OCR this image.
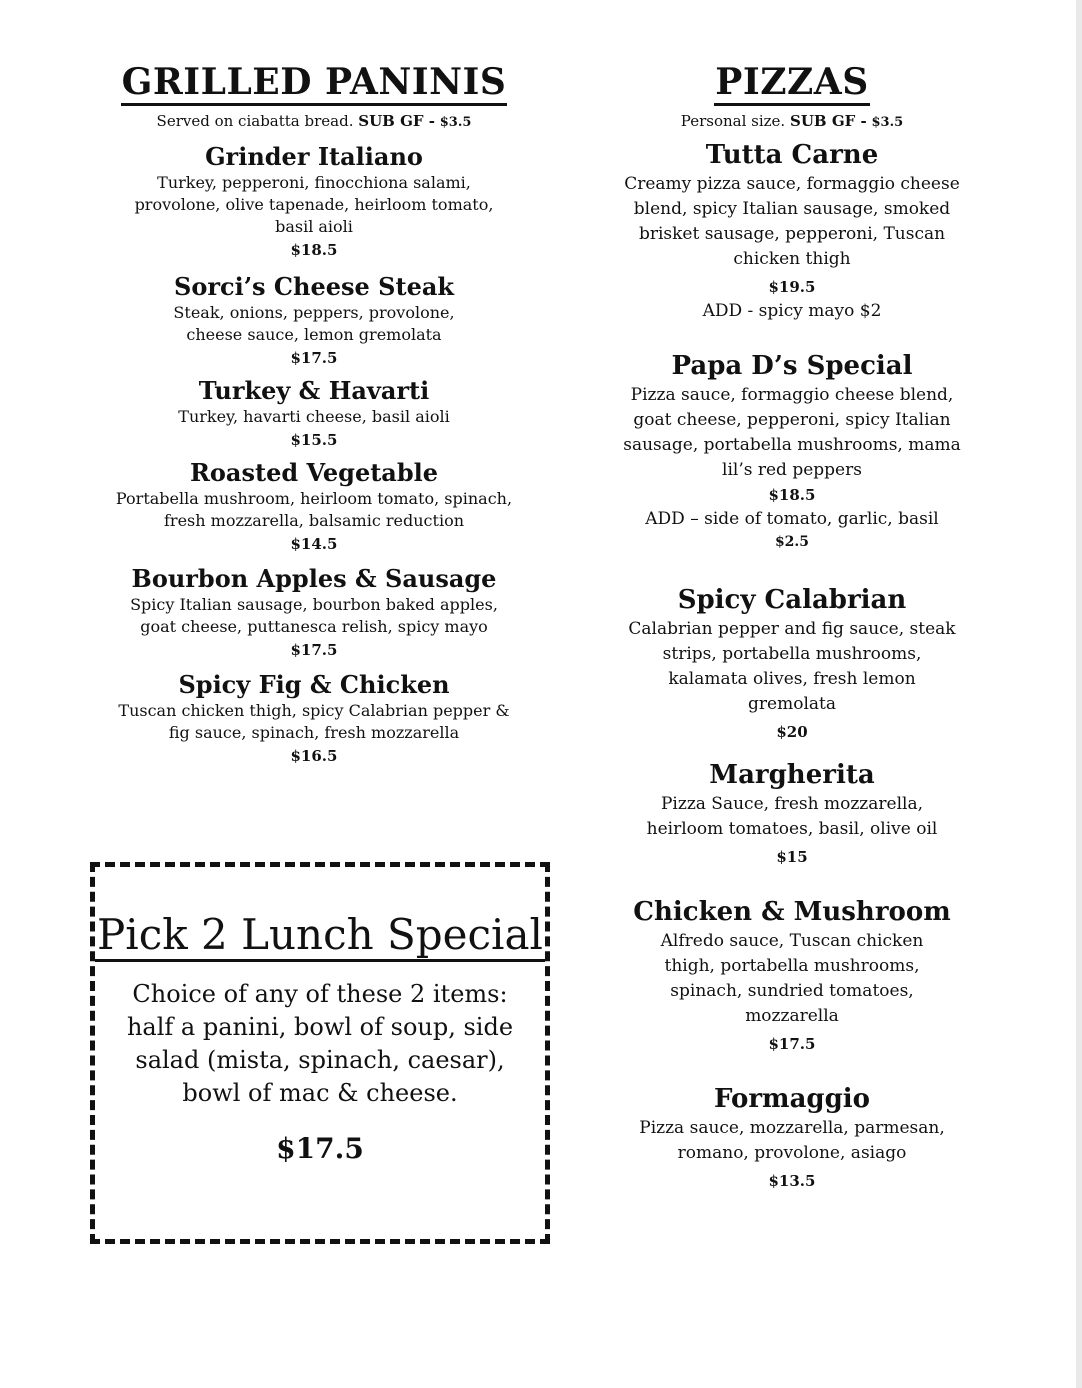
GRILLED PANINIS
Served on ciabatta bread. SUB GF - $3.5
Grinder Italiano
Turkey, pepperoni, finocchiona salami, provolone, olive tapenade, heirloom tomato, basil aioli
$18.5
Sorci’s Cheese Steak
Steak, onions, peppers, provolone, cheese sauce, lemon gremolata
$17.5
Turkey & Havarti
Turkey, havarti cheese, basil aioli
$15.5
Roasted Vegetable
Portabella mushroom, heirloom tomato, spinach, fresh mozzarella, balsamic reduction
$14.5
Bourbon Apples & Sausage
Spicy Italian sausage, bourbon baked apples, goat cheese, puttanesca relish, spicy mayo
$17.5
Spicy Fig & Chicken
Tuscan chicken thigh, spicy Calabrian pepper & fig sauce, spinach, fresh mozzarella
$16.5
PIZZAS
Personal size. SUB GF - $3.5
Tutta Carne
Creamy pizza sauce, formaggio cheese blend, spicy Italian sausage, smoked brisket sausage, pepperoni, Tuscan chicken thigh
$19.5
ADD - spicy mayo $2
Papa D’s Special
Pizza sauce, formaggio cheese blend, goat cheese, pepperoni, spicy Italian sausage, portabella mushrooms, mama lil’s red peppers
$18.5
ADD – side of tomato, garlic, basil
$2.5
Spicy Calabrian
Calabrian pepper and fig sauce, steak strips, portabella mushrooms, kalamata olives, fresh lemon gremolata
$20
Margherita
Pizza Sauce, fresh mozzarella, heirloom tomatoes, basil, olive oil
$15
Chicken & Mushroom
Alfredo sauce, Tuscan chicken thigh, portabella mushrooms, spinach, sundried tomatoes, mozzarella
$17.5
Formaggio
Pizza sauce, mozzarella, parmesan, romano, provolone, asiago
$13.5
Pick 2 Lunch Special
Choice of any of these 2 items: half a panini, bowl of soup, side salad (mista, spinach, caesar), bowl of mac & cheese.
$17.5
